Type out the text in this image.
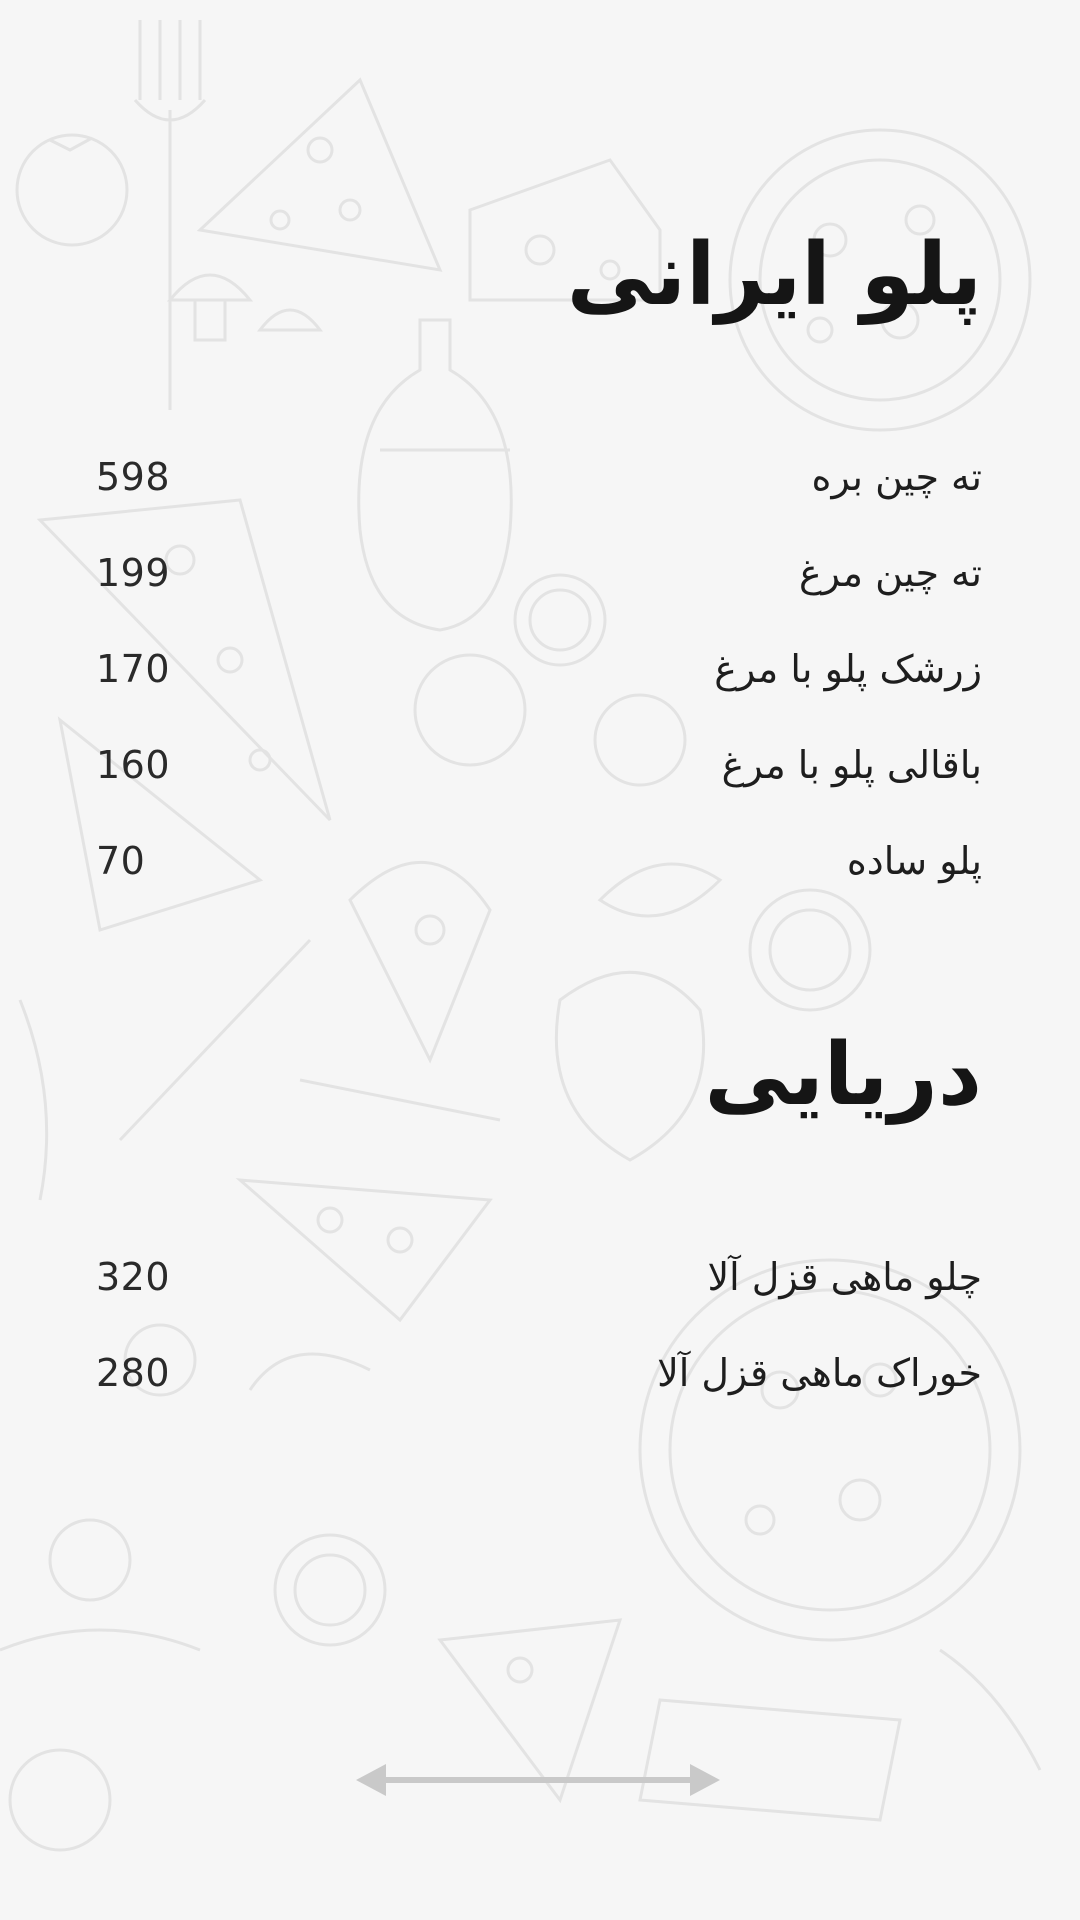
پلو ایرانی
598	ته چین بره
199	ته چین مرغ
170	زرشک پلو با مرغ
160	باقالی پلو با مرغ
70	پلو ساده
دریایی
320	چلو ماهی قزل آلا
280	خوراک ماهی قزل آلا
